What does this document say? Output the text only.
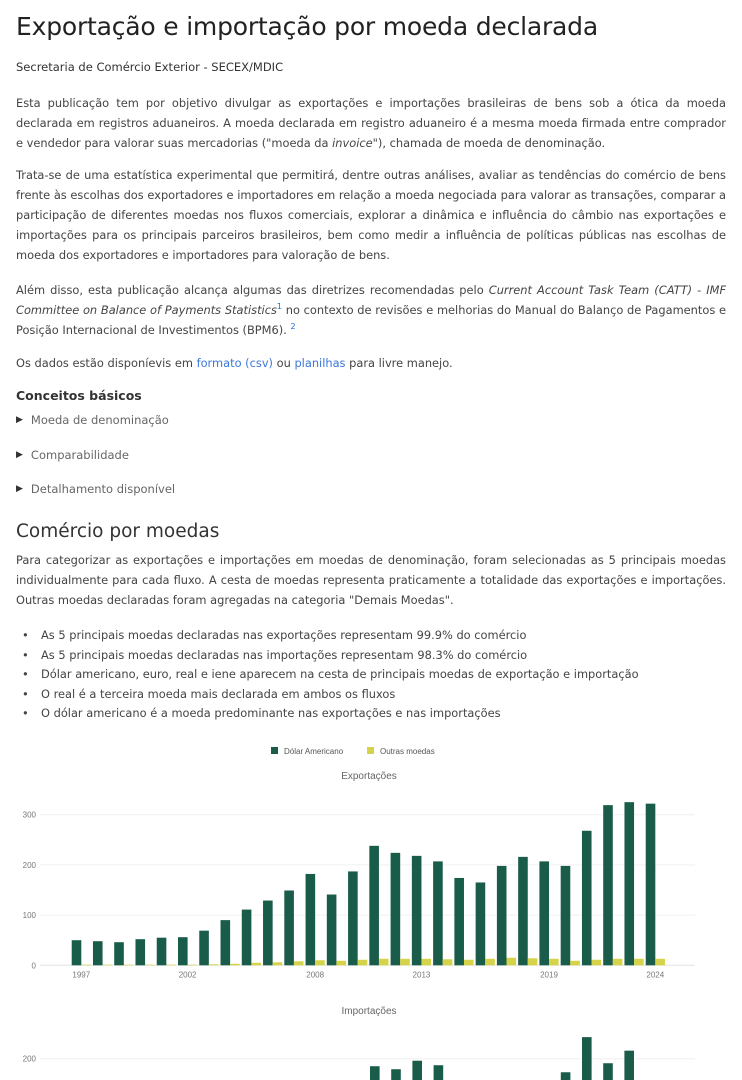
Exportação e importação por moeda declarada
Secretaria de Comércio Exterior - SECEX/MDIC

Esta publicação tem por objetivo divulgar as exportações e importações brasileiras de bens sob a ótica da moeda declarada em registros aduaneiros. A moeda declarada em registro aduaneiro é a mesma moeda firmada entre comprador e vendedor para valorar suas mercadorias ("moeda da invoice"), chamada de moeda de denominação.

Trata-se de uma estatística experimental que permitirá, dentre outras análises, avaliar as tendências do comércio de bens frente às escolhas dos exportadores e importadores em relação a moeda negociada para valorar as transações, comparar a participação de diferentes moedas nos fluxos comerciais, explorar a dinâmica e influência do câmbio nas exportações e importações para os principais parceiros brasileiros, bem como medir a influência de políticas públicas nas escolhas de moeda dos exportadores e importadores para valoração de bens.

Além disso, esta publicação alcança algumas das diretrizes recomendadas pelo Current Account Task Team (CATT) - IMF Committee on Balance of Payments Statistics$^1$ no contexto de revisões e melhorias do Manual do Balanço de Pagamentos e Posição Internacional de Investimentos (BPM6). $^2$

Os dados estão disponíevis em formato (csv) ou planilhas para livre manejo.

Conceitos básicos
▶ Moeda de denominação
▶ Comparabilidade
▶ Detalhamento disponível
Comércio por moedas

Para categorizar as exportações e importações em moedas de denominação, foram selecionadas as 5 principais moedas individualmente para cada fluxo. A cesta de moedas representa praticamente a totalidade das exportações e importações. Outras moedas declaradas foram agregadas na categoria "Demais Moedas".

• As 5 principais moedas declaradas nas exportações representam 99.9% do comércio
• As 5 principais moedas declaradas nas importações representam 98.3% do comércio
• Dólar americano, euro, real e iene aparecem na cesta de principais moedas de exportação e importação
• O real é a terceira moeda mais declarada em ambos os fluxos
• O dólar americano é a moeda predominante nas exportações e nas importações
Dólar Americano	Outras moedas
Exportações
0
100
200
300
1997	2002	2008	2013	2019	2024
Importações
200
